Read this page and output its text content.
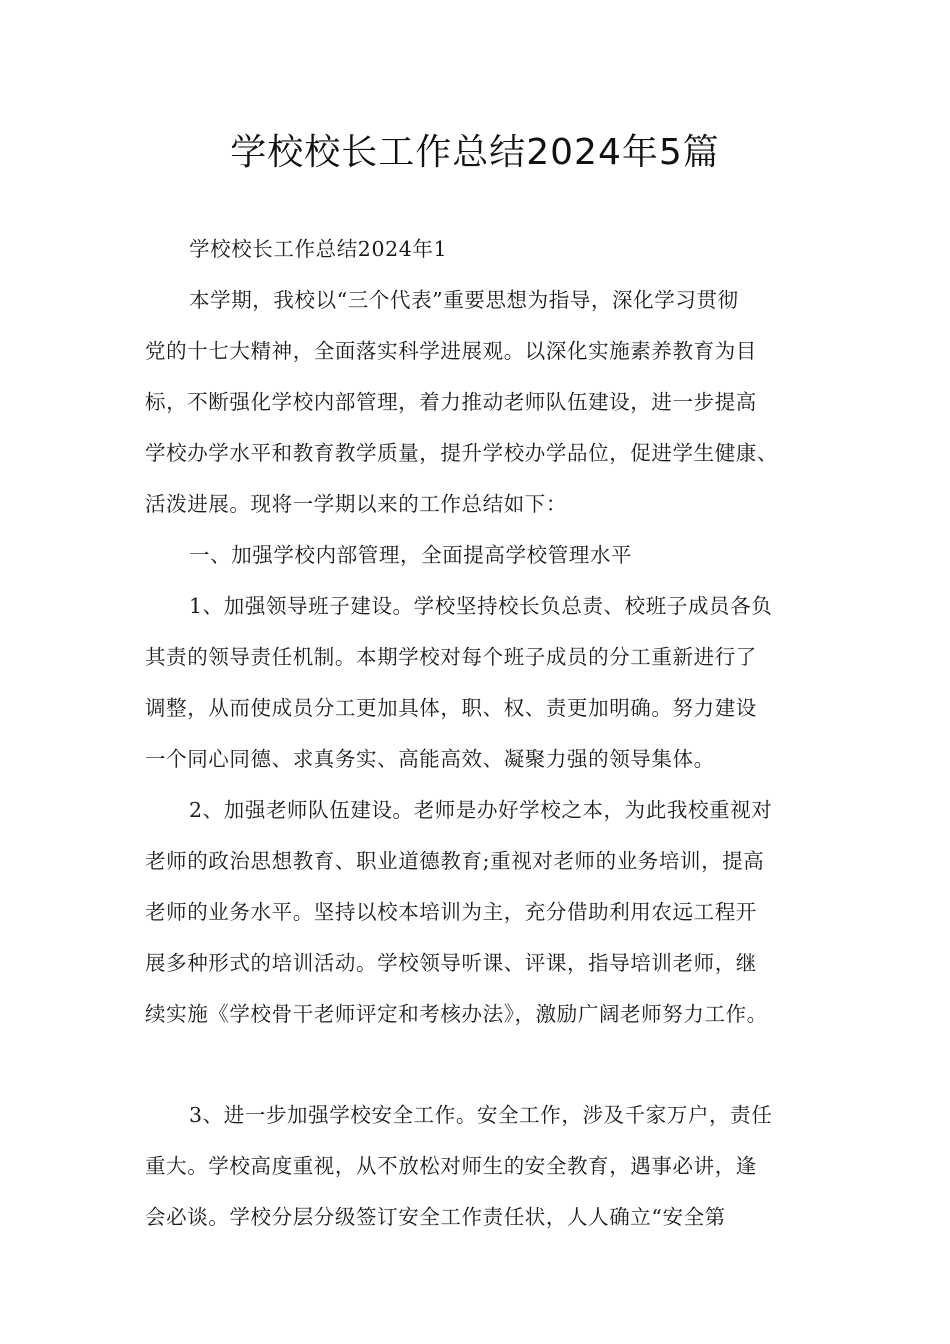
学校校长工作总结2024年5篇
学校校长工作总结2024年1
本学期，我校以“三个代表”重要思想为指导，深化学习贯彻
党的十七大精神，全面落实科学进展观。以深化实施素养教育为目
标，不断强化学校内部管理，着力推动老师队伍建设，进一步提高
学校办学水平和教育教学质量，提升学校办学品位，促进学生健康、
活泼进展。现将一学期以来的工作总结如下：
一、加强学校内部管理，全面提高学校管理水平
1、加强领导班子建设。学校坚持校长负总责、校班子成员各负
其责的领导责任机制。本期学校对每个班子成员的分工重新进行了
调整，从而使成员分工更加具体，职、权、责更加明确。努力建设
一个同心同德、求真务实、高能高效、凝聚力强的领导集体。
2、加强老师队伍建设。老师是办好学校之本，为此我校重视对
老师的政治思想教育、职业道德教育;重视对老师的业务培训，提高
老师的业务水平。坚持以校本培训为主，充分借助利用农远工程开
展多种形式的培训活动。学校领导听课、评课，指导培训老师，继
续实施《学校骨干老师评定和考核办法》，激励广阔老师努力工作。
3、进一步加强学校安全工作。安全工作，涉及千家万户，责任
重大。学校高度重视，从不放松对师生的安全教育，遇事必讲，逢
会必谈。学校分层分级签订安全工作责任状，人人确立“安全第
